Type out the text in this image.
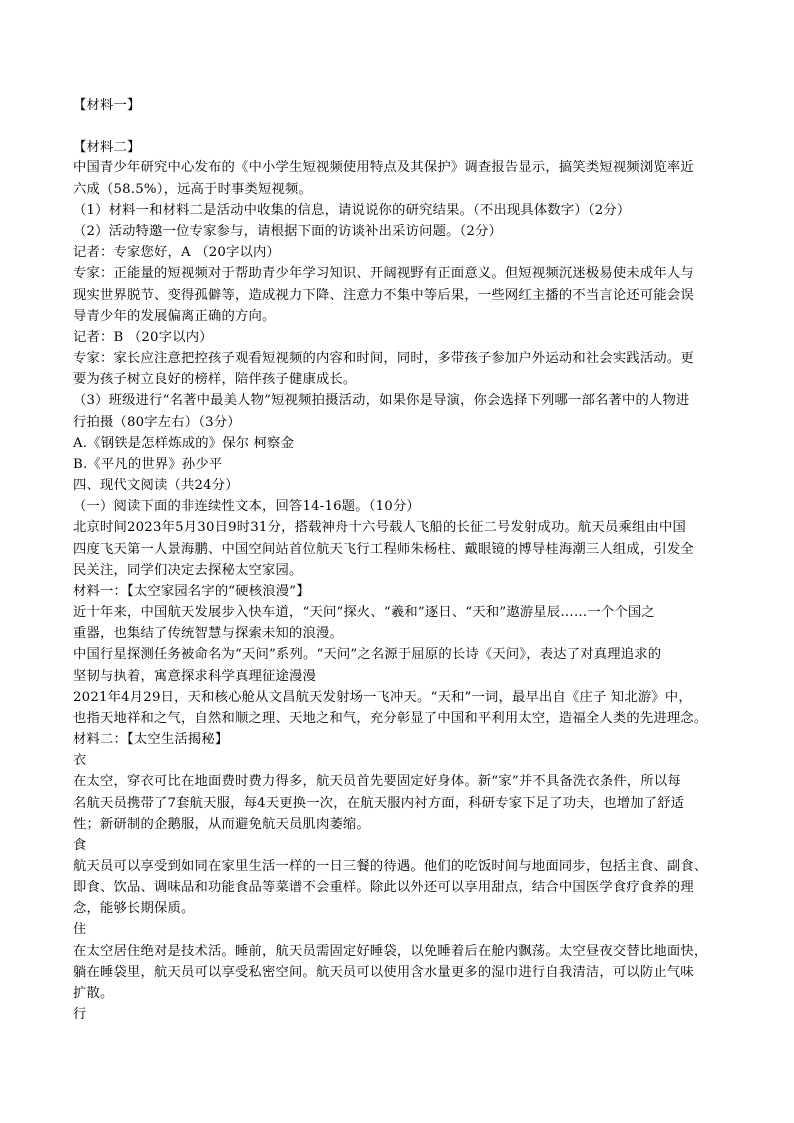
【材料一】
【材料二】
中国青少年研究中心发布的《中小学生短视频使用特点及其保护》调查报告显示，搞笑类短视频浏览率近
六成（58.5%），远高于时事类短视频。
（1）材料一和材料二是活动中收集的信息，请说说你的研究结果。（不出现具体数字）（2分）
（2）活动特邀一位专家参与，请根据下面的访谈补出采访问题。（2分）
记者：专家您好，A （20字以内）
专家：正能量的短视频对于帮助青少年学习知识、开阔视野有正面意义。但短视频沉迷极易使未成年人与
现实世界脱节、变得孤僻等，造成视力下降、注意力不集中等后果，一些网红主播的不当言论还可能会误
导青少年的发展偏离正确的方向。
记者：B （20字以内）
专家：家长应注意把控孩子观看短视频的内容和时间，同时，多带孩子参加户外运动和社会实践活动。更
要为孩子树立良好的榜样，陪伴孩子健康成长。
（3）班级进行“名著中最美人物”短视频拍摄活动，如果你是导演，你会选择下列哪一部名著中的人物进
行拍摄（80字左右）（3分）
A.《钢铁是怎样炼成的》保尔 柯察金
B.《平凡的世界》孙少平
四、现代文阅读（共24分）
（一）阅读下面的非连续性文本，回答14-16题。（10分）
北京时间2023年5月30日9时31分，搭载神舟十六号载人飞船的长征二号发射成功。航天员乘组由中国
四度飞天第一人景海鹏、中国空间站首位航天飞行工程师朱杨柱、戴眼镜的博导桂海潮三人组成，引发全
民关注，同学们决定去探秘太空家园。
材料一：【太空家园名字的“硬核浪漫”】
近十年来，中国航天发展步入快车道，“天问”探火、“羲和”逐日、“天和”遨游星辰……一个个国之
重器，也集结了传统智慧与探索未知的浪漫。
中国行星探测任务被命名为“天问”系列。“天问”之名源于屈原的长诗《天问》，表达了对真理追求的
坚韧与执着，寓意探求科学真理征途漫漫
2021年4月29日，天和核心舱从文昌航天发射场一飞冲天。“天和”一词，最早出自《庄子 知北游》中，
也指天地祥和之气，自然和顺之理、天地之和气，充分彰显了中国和平利用太空，造福全人类的先进理念。
材料二：【太空生活揭秘】
衣
在太空，穿衣可比在地面费时费力得多，航天员首先要固定好身体。新“家”并不具备洗衣条件，所以每
名航天员携带了7套航天服，每4天更换一次，在航天服内衬方面，科研专家下足了功夫，也增加了舒适
性；新研制的企鹅服，从而避免航天员肌肉萎缩。
食
航天员可以享受到如同在家里生活一样的一日三餐的待遇。他们的吃饭时间与地面同步，包括主食、副食、
即食、饮品、调味品和功能食品等菜谱不会重样。除此以外还可以享用甜点，结合中国医学食疗食养的理
念，能够长期保质。
住
在太空居住绝对是技术活。睡前，航天员需固定好睡袋，以免睡着后在舱内飘荡。太空昼夜交替比地面快，
躺在睡袋里，航天员可以享受私密空间。航天员可以使用含水量更多的湿巾进行自我清洁，可以防止气味
扩散。
行
